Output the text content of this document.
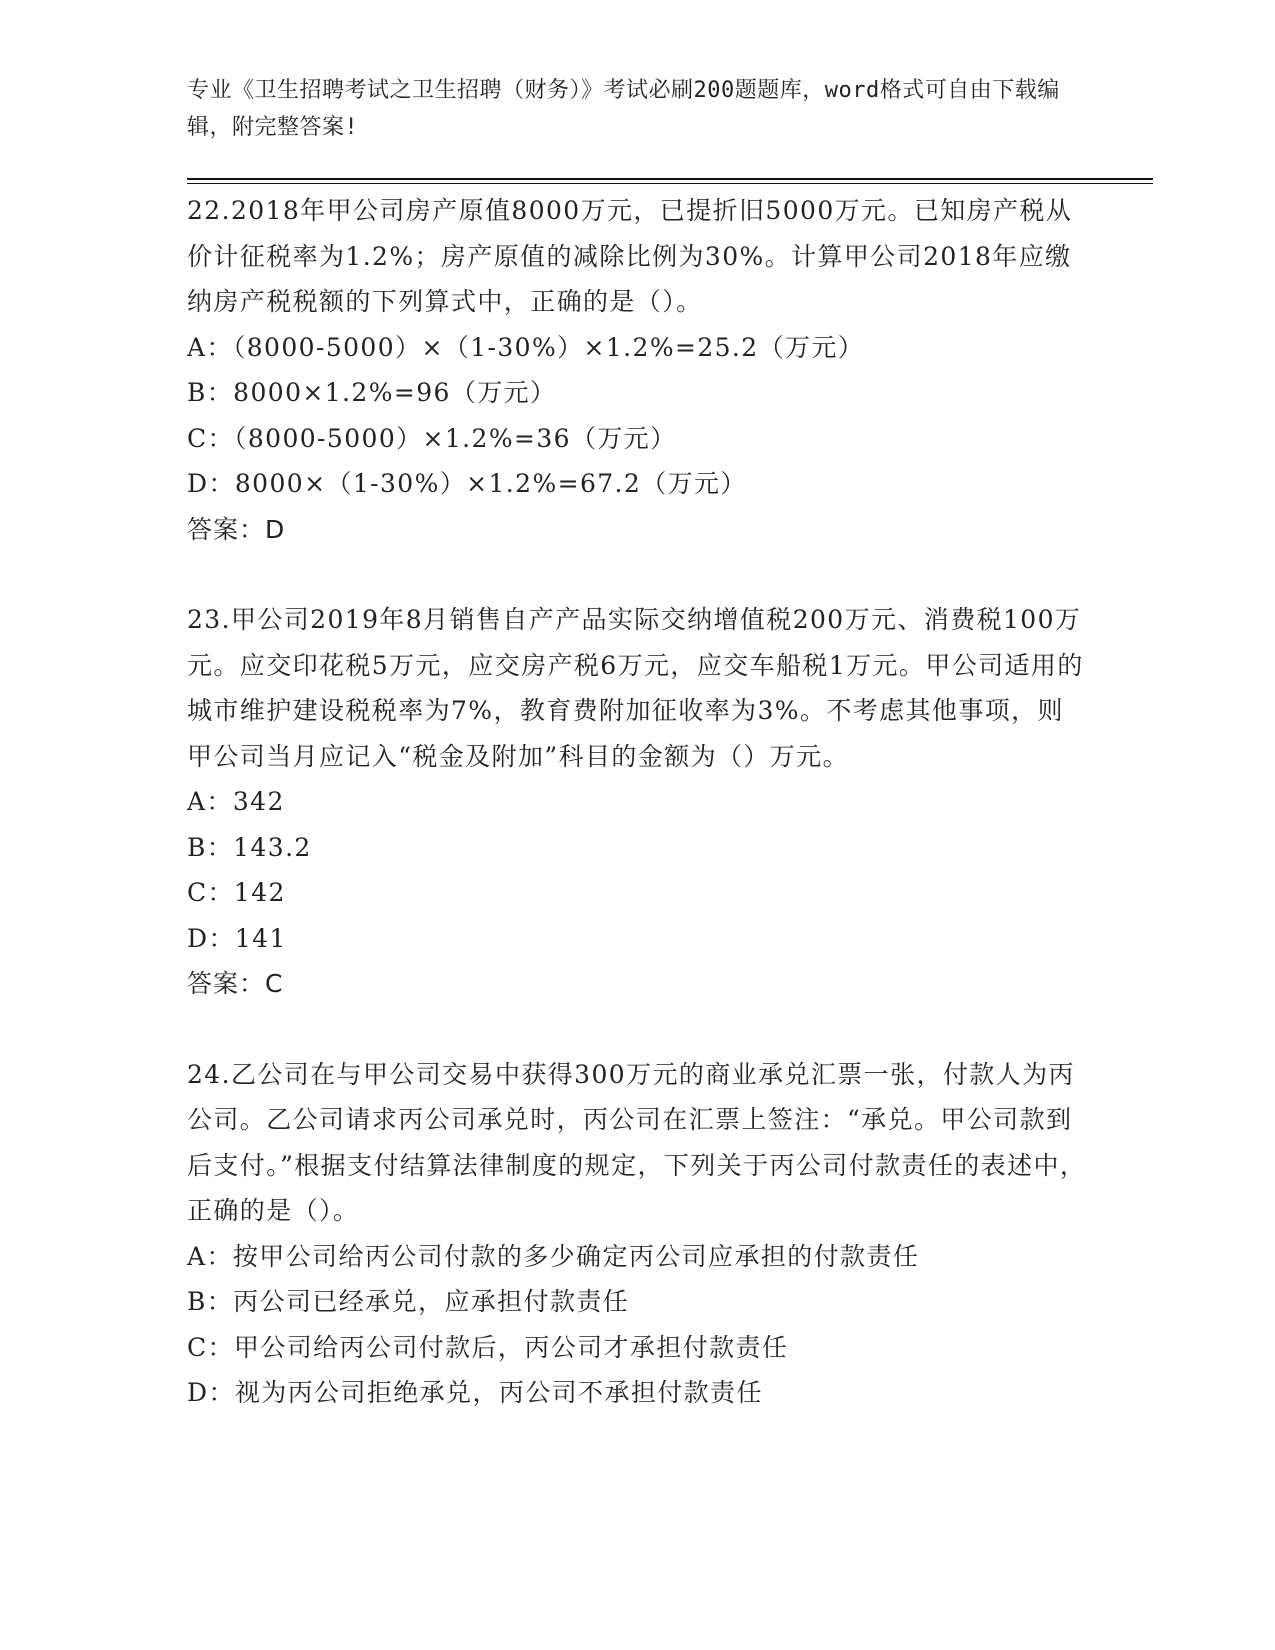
专业《卫生招聘考试之卫生招聘（财务）》考试必刷200题题库，word格式可自由下载编辑，附完整答案!

22.2018年甲公司房产原值8000万元，已提折旧5000万元。已知房产税从价计征税率为1.2%；房产原值的减除比例为30%。计算甲公司2018年应缴纳房产税税额的下列算式中，正确的是（）。

A：（8000-5000）×（1-30%）×1.2%=25.2（万元）

B：8000×1.2%=96（万元）

C：（8000-5000）×1.2%=36（万元）

D：8000×（1-30%）×1.2%=67.2（万元）

答案：D

23.甲公司2019年8月销售自产产品实际交纳增值税200万元、消费税100万元。应交印花税5万元，应交房产税6万元，应交车船税1万元。甲公司适用的城市维护建设税税率为7%，教育费附加征收率为3%。不考虑其他事项，则甲公司当月应记入“税金及附加”科目的金额为（）万元。

A：342

B：143.2

C：142

D：141

答案：C

24.乙公司在与甲公司交易中获得300万元的商业承兑汇票一张，付款人为丙公司。乙公司请求丙公司承兑时，丙公司在汇票上签注：“承兑。甲公司款到后支付。”根据支付结算法律制度的规定，下列关于丙公司付款责任的表述中，正确的是（）。

A：按甲公司给丙公司付款的多少确定丙公司应承担的付款责任

B：丙公司已经承兑，应承担付款责任

C：甲公司给丙公司付款后，丙公司才承担付款责任

D：视为丙公司拒绝承兑，丙公司不承担付款责任
